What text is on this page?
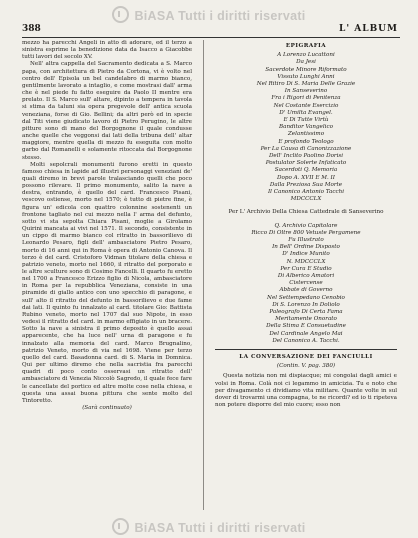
BiASA Tutti i diritti riservati
388	L' ALBUM

mezzo ha parecchi Angeli in atto di adorare, ed il terzo a sinistra esprime la benedizione data da Isacco a Giacobbe tutti lavori del secolo XV.

Nell' altra cappella del Sacramento dedicata a S. Marco papa, con architettura di Pietro da Cortona, vi è volto nel centro dell' Episola un bel candelabro di marmo bianco, gentilmente lavorato a intaglio, e come mostrasi dall' arma che è nel piede fu fatto eseguire da Paolo II mentre era prelato. Il S. Marco sull' altare, dipinto a tempera in tavola si stima da taluni sia opera pregevole dell' antica scuola veneziana, forse di Gio. Bellini; da altri però ed in specie dal Titi viene giudicato lavoro di Pietro Perugino, le altre pitture sono di mano del Borgognone il quale condusse anche quelle che veggonsi dai lati della tribuna dell' altar maggiore, mentre quella di mezzo fu eseguita con molto garbo dal Romanelli e solamente ritoccata dal Borgognone stesso.

Molti sepolcrali monumenti furono eretti in questo famoso chiesa in lapide ad illustri personaggi veneziani de' quali diremo in brevi parole tralasciando quelli che poco possono rilevare. Il primo monumento, salito la nave a destra, entrando, è quello del card. Francesco Pisani, vescovo ostiense, morto nel 1570; è tutto di pietre fine, è figura un' edicola con quattro colonnine sostenenti un frontone tagliato nel cui mezzo nella l' arma del defunto, sotto vi sta sepolta Chiara Pisani, moglie a Girolamo Quirini mancata ai vivi nel 1571. Il secondo, consistente in un cippo di marmo bianco col ritratto in bassorilievo di Leonardo Pesaro, figli dell' ambasciatore Pietro Pesaro, morto di 16 anni qui in Roma è opera di Antonio Canova. Il terzo è del card. Cristoforo Vidman titolare della chiesa e patrizio veneto, morto nel 1660, il ritratto del porporato e le altre sculture sono di Cosimo Fancelli. Il quarto fu eretto nel 1700 a Francesco Erizzo figlio di Nicola, ambasciatore in Roma per la repubblica Veneziana, consiste in una piramide di giallo antico con uno specchio di paragone, e sull' alto il ritratto del defunto in bassorilievo e due fame dai lati. Il quinto fu innalzato al card. titolare Gio: Battista Rubino veneto, morto nel 1707 dal suo Nipote, in esso vedesi il ritratto del card. in marmo effigiato in un bracere. Sotto la nave a sinistra il primo deposito è quello assai apparecente, che ha luce nell' urna di paragone e fu innalzato alla memoria del card. Marco Brugnalino, patrizio Veneto, morto di via nel 1698. Viene per terzo quello del card. Basadonna card. di S. Maria in Domnica. Qui per ultimo diremo che nella sacristia fra parecchi quadri di poco conto osservasi un ritratto dell' ambasciatore di Venezia Niccolò Sagredo, il quale fece fare le cancellate del portico ed altre molte cose nella chiesa, e questa una assai buona pittura che sente molto del Tintoretto.

(Sarà continuato)

EPIGRAFIA
A Lorenzo Lucattoni
Da Jesi
Sacerdote Minore Riformato
Vissuto Lunghi Anni
Nel Ritiro Di S. Maria Delle Grazie
In Sanseverino
Fra i Rigori di Penitenza
Nel Costante Esercizio
D' Umilta Evangel.
E Di Tutte Virtù
Banditor Vangelico
Zelantissimo
E profondo Teologo
Per La Causa di Canonizzazione
Dell' Inclito Paolino Dorisi
Postulator Solerte Infaticato
Sacerdoti Q. Memoria
Dopo A. XVII E M. II
Dalla Preziosa Sua Morte
Il Canonico Antonio Tacchi
MDCCCLX
Per L' Archivio Della Chiesa Cattedrale di Sanseverino
Q. Archivio Capitolare
Ricco Di Oltre 800 Vetuste Pergamene
Fu Illustrato
In Bell' Ordine Disposto
D' Indice Munito
N. MDCCCLX
Per Cura E Studio
Di Alberico Amatori
Cistercense
Abbate di Governo
Nel Settempedano Cenobio
Di S. Lorenzo In Doliolo
Paleografo Di Certa Fama
Meritamente Onorato
Della Stima E Consuetudine
Del Cardinale Angelo Mai
Del Canonico A. Tacchi.
LA CONVERSAZIONE DEI FANCIULLI
(Contin. V. pag. 380)

Questa notizia non mi dispiacque; mi congolai dagli amici e volsi in Roma. Colà noi ci legammo in amicizia. Tu e noto che per divagamento ci dividiamo vita militare. Quante volte in sul dover di trovarmi una compagna, te ne ricordi? ed io ti ripeteva non potere disporre del mio cuore; esso non

BiASA Tutti i diritti riservati
